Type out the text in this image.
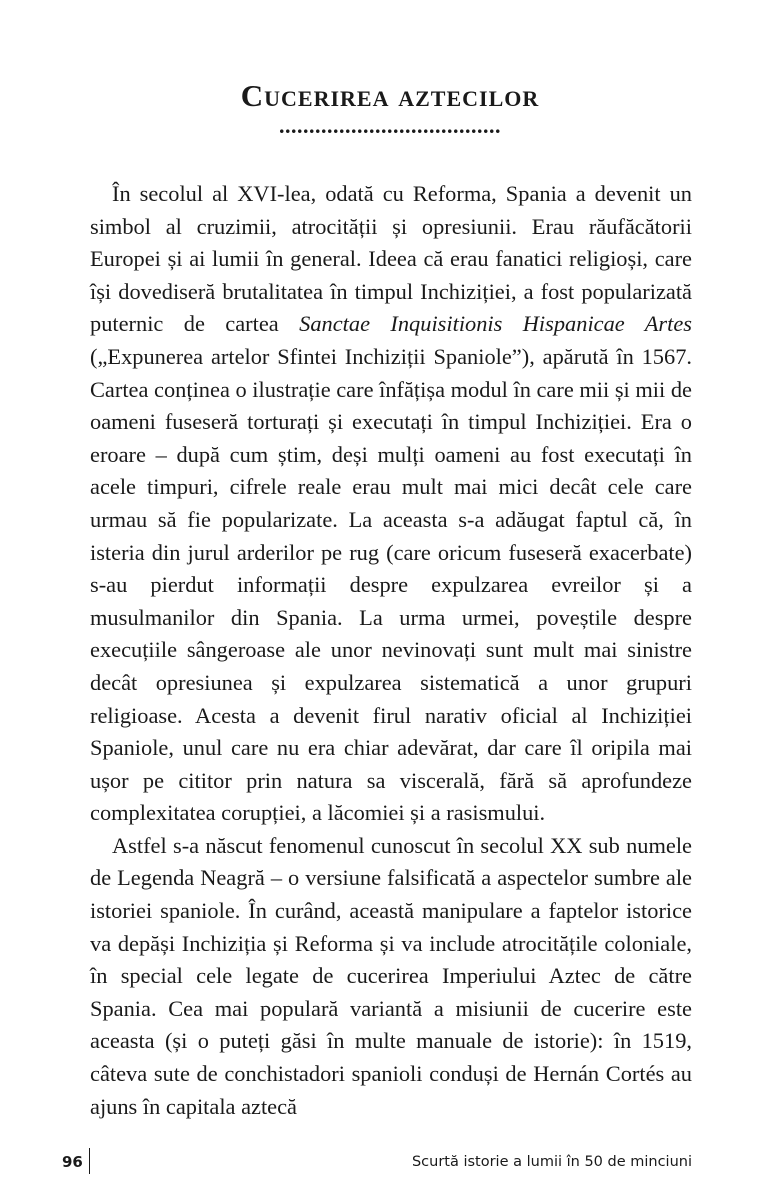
Cucerirea aztecilor
.....................................

În secolul al XVI-lea, odată cu Reforma, Spania a devenit un simbol al cruzimii, atrocității și opresiunii. Erau răufăcătorii Europei și ai lumii în general. Ideea că erau fanatici religioși, care își dovediseră brutalitatea în timpul Inchiziției, a fost popularizată puternic de cartea Sanctae Inquisitionis Hispanicae Artes („Expunerea artelor Sfintei Inchiziții Spaniole”), apărută în 1567. Cartea conținea o ilustrație care înfățișa modul în care mii și mii de oameni fuseseră torturați și executați în timpul Inchiziției. Era o eroare – după cum știm, deși mulți oameni au fost executați în acele timpuri, cifrele reale erau mult mai mici decât cele care urmau să fie popularizate. La aceasta s-a adăugat faptul că, în isteria din jurul arderilor pe rug (care oricum fuseseră exacerbate) s-au pierdut informații despre expulzarea evreilor și a musulmanilor din Spania. La urma urmei, poveștile despre execuțiile sângeroase ale unor nevinovați sunt mult mai sinistre decât opresiunea și expulzarea sistematică a unor grupuri religioase. Acesta a devenit firul narativ oficial al Inchiziției Spaniole, unul care nu era chiar adevărat, dar care îl oripila mai ușor pe cititor prin natura sa viscerală, fără să aprofundeze complexitatea corupției, a lăcomiei și a rasismului.

Astfel s-a născut fenomenul cunoscut în secolul XX sub numele de Legenda Neagră – o versiune falsificată a aspectelor sumbre ale istoriei spaniole. În curând, această manipulare a faptelor istorice va depăși Inchiziția și Reforma și va include atrocitățile coloniale, în special cele legate de cucerirea Imperiului Aztec de către Spania. Cea mai populară variantă a misiunii de cucerire este aceasta (și o puteți găsi în multe manuale de istorie): în 1519, câteva sute de conchistadori spanioli conduși de Hernán Cortés au ajuns în capitala aztecă

96	Scurtă istorie a lumii în 50 de minciuni
